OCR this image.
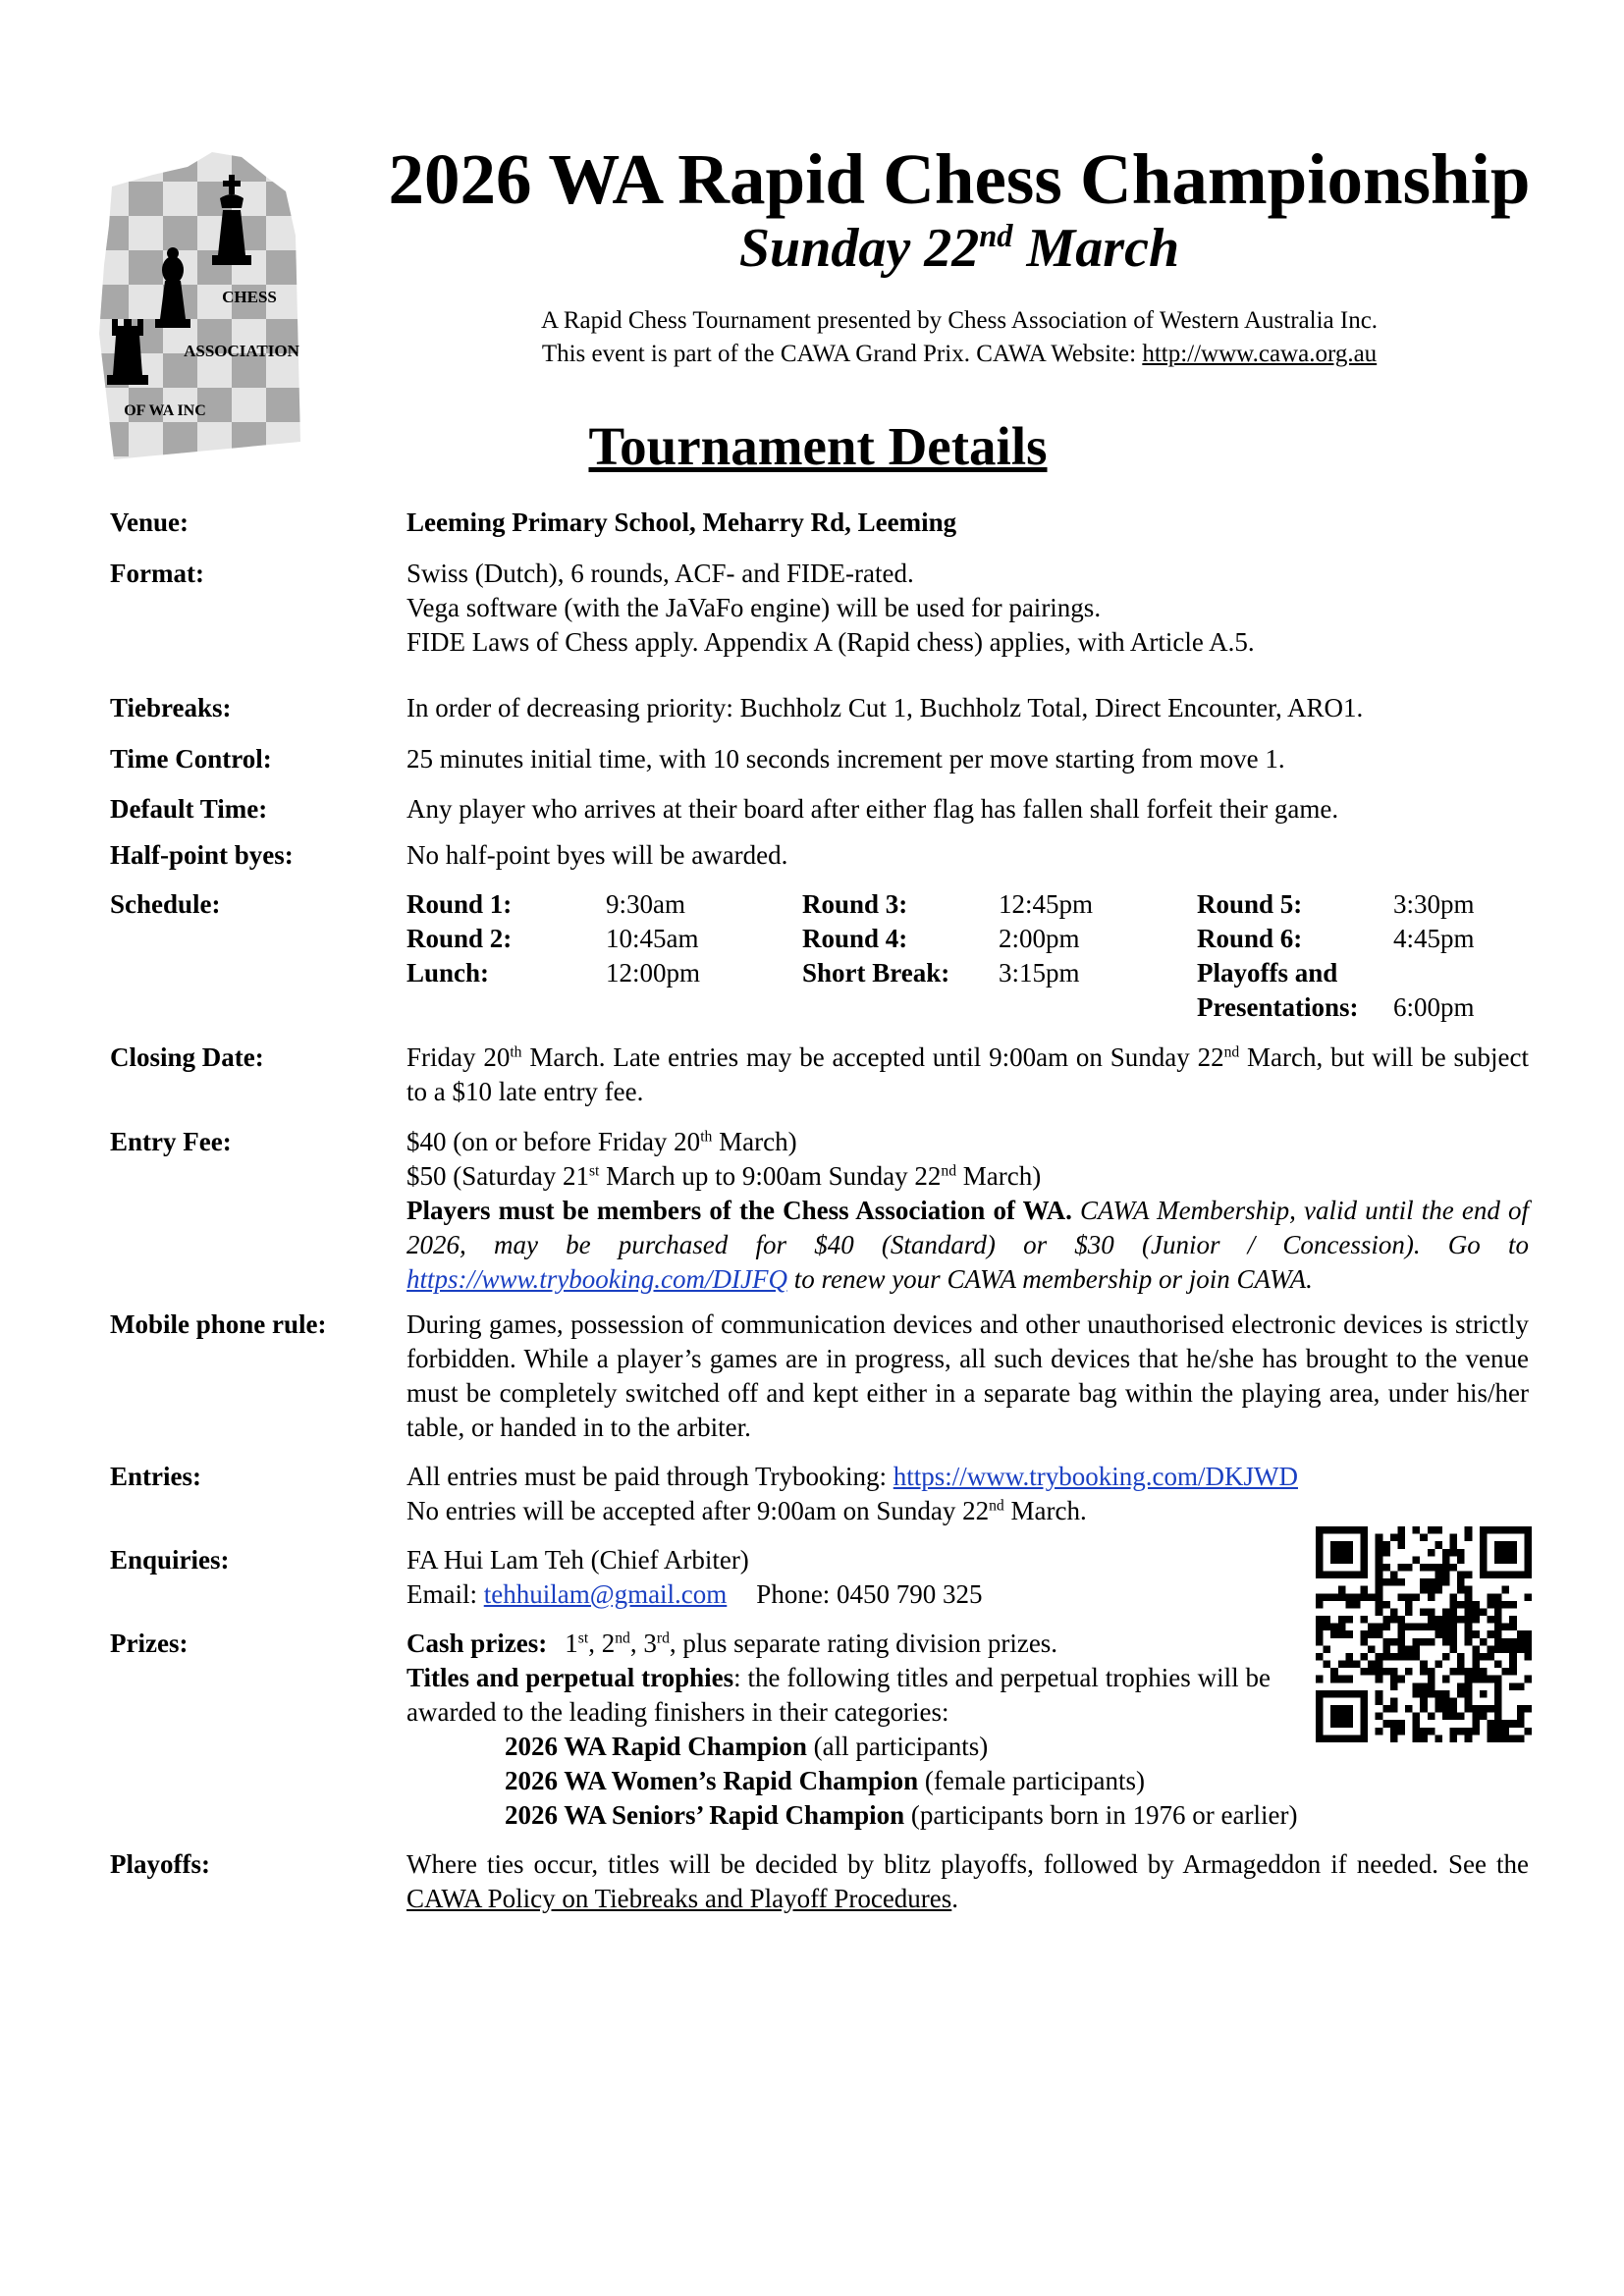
CHESS
ASSOCIATION
OF WA INC
2026 WA Rapid Chess Championship
Sunday 22nd March
A Rapid Chess Tournament presented by Chess Association of Western Australia Inc.
This event is part of the CAWA Grand Prix. CAWA Website: http://www.cawa.org.au
Tournament Details
Venue:	Leeming Primary School, Meharry Rd, Leeming
Format:	Swiss (Dutch), 6 rounds, ACF- and FIDE-rated.

Vega software (with the JaVaFo engine) will be used for pairings.

FIDE Laws of Chess apply. Appendix A (Rapid chess) applies, with Article A.5.

Tiebreaks:	In order of decreasing priority: Buchholz Cut 1, Buchholz Total, Direct Encounter, ARO1.
Time Control:	25 minutes initial time, with 10 seconds increment per move starting from move 1.
Default Time:	Any player who arrives at their board after either flag has fallen shall forfeit their game.
Half-point byes:	No half-point byes will be awarded.
Schedule:	Round 1:	9:30am	Round 3:	12:45pm	Round 5:	3:30pm
Round 2:	10:45am	Round 4:	2:00pm	Round 6:	4:45pm
Lunch:	12:00pm	Short Break:	3:15pm	Playoffs and
Presentations:	6:00pm
Closing Date:	Friday 20th March. Late entries may be accepted until 9:00am on Sunday 22nd March, but will be subject to a $10 late entry fee.
Entry Fee:	$40 (on or before Friday 20th March)

$50 (Saturday 21st March up to 9:00am Sunday 22nd March)

Players must be members of the Chess Association of WA. CAWA Membership, valid until the end of 2026, may be purchased for $40 (Standard) or $30 (Junior / Concession). Go to https://www.trybooking.com/DIJFQ to renew your CAWA membership or join CAWA.

Mobile phone rule:	During games, possession of communication devices and other unauthorised electronic devices is strictly forbidden. While a player’s games are in progress, all such devices that he/she has brought to the venue must be completely switched off and kept either in a separate bag within the playing area, under his/her table, or handed in to the arbiter.
Entries:	All entries must be paid through Trybooking: https://www.trybooking.com/DKJWD

No entries will be accepted after 9:00am on Sunday 22nd March.

Enquiries:	FA Hui Lam Teh (Chief Arbiter)

Email: tehhuilam@gmail.com Phone: 0450 790 325

Prizes:	Cash prizes: 1st, 2nd, 3rd, plus separate rating division prizes.

Titles and perpetual trophies: the following titles and perpetual trophies will be awarded to the leading finishers in their categories:

2026 WA Rapid Champion (all participants)

2026 WA Women’s Rapid Champion (female participants)

2026 WA Seniors’ Rapid Champion (participants born in 1976 or earlier)

Playoffs:	Where ties occur, titles will be decided by blitz playoffs, followed by Armageddon if needed. See the CAWA Policy on Tiebreaks and Playoff Procedures.
